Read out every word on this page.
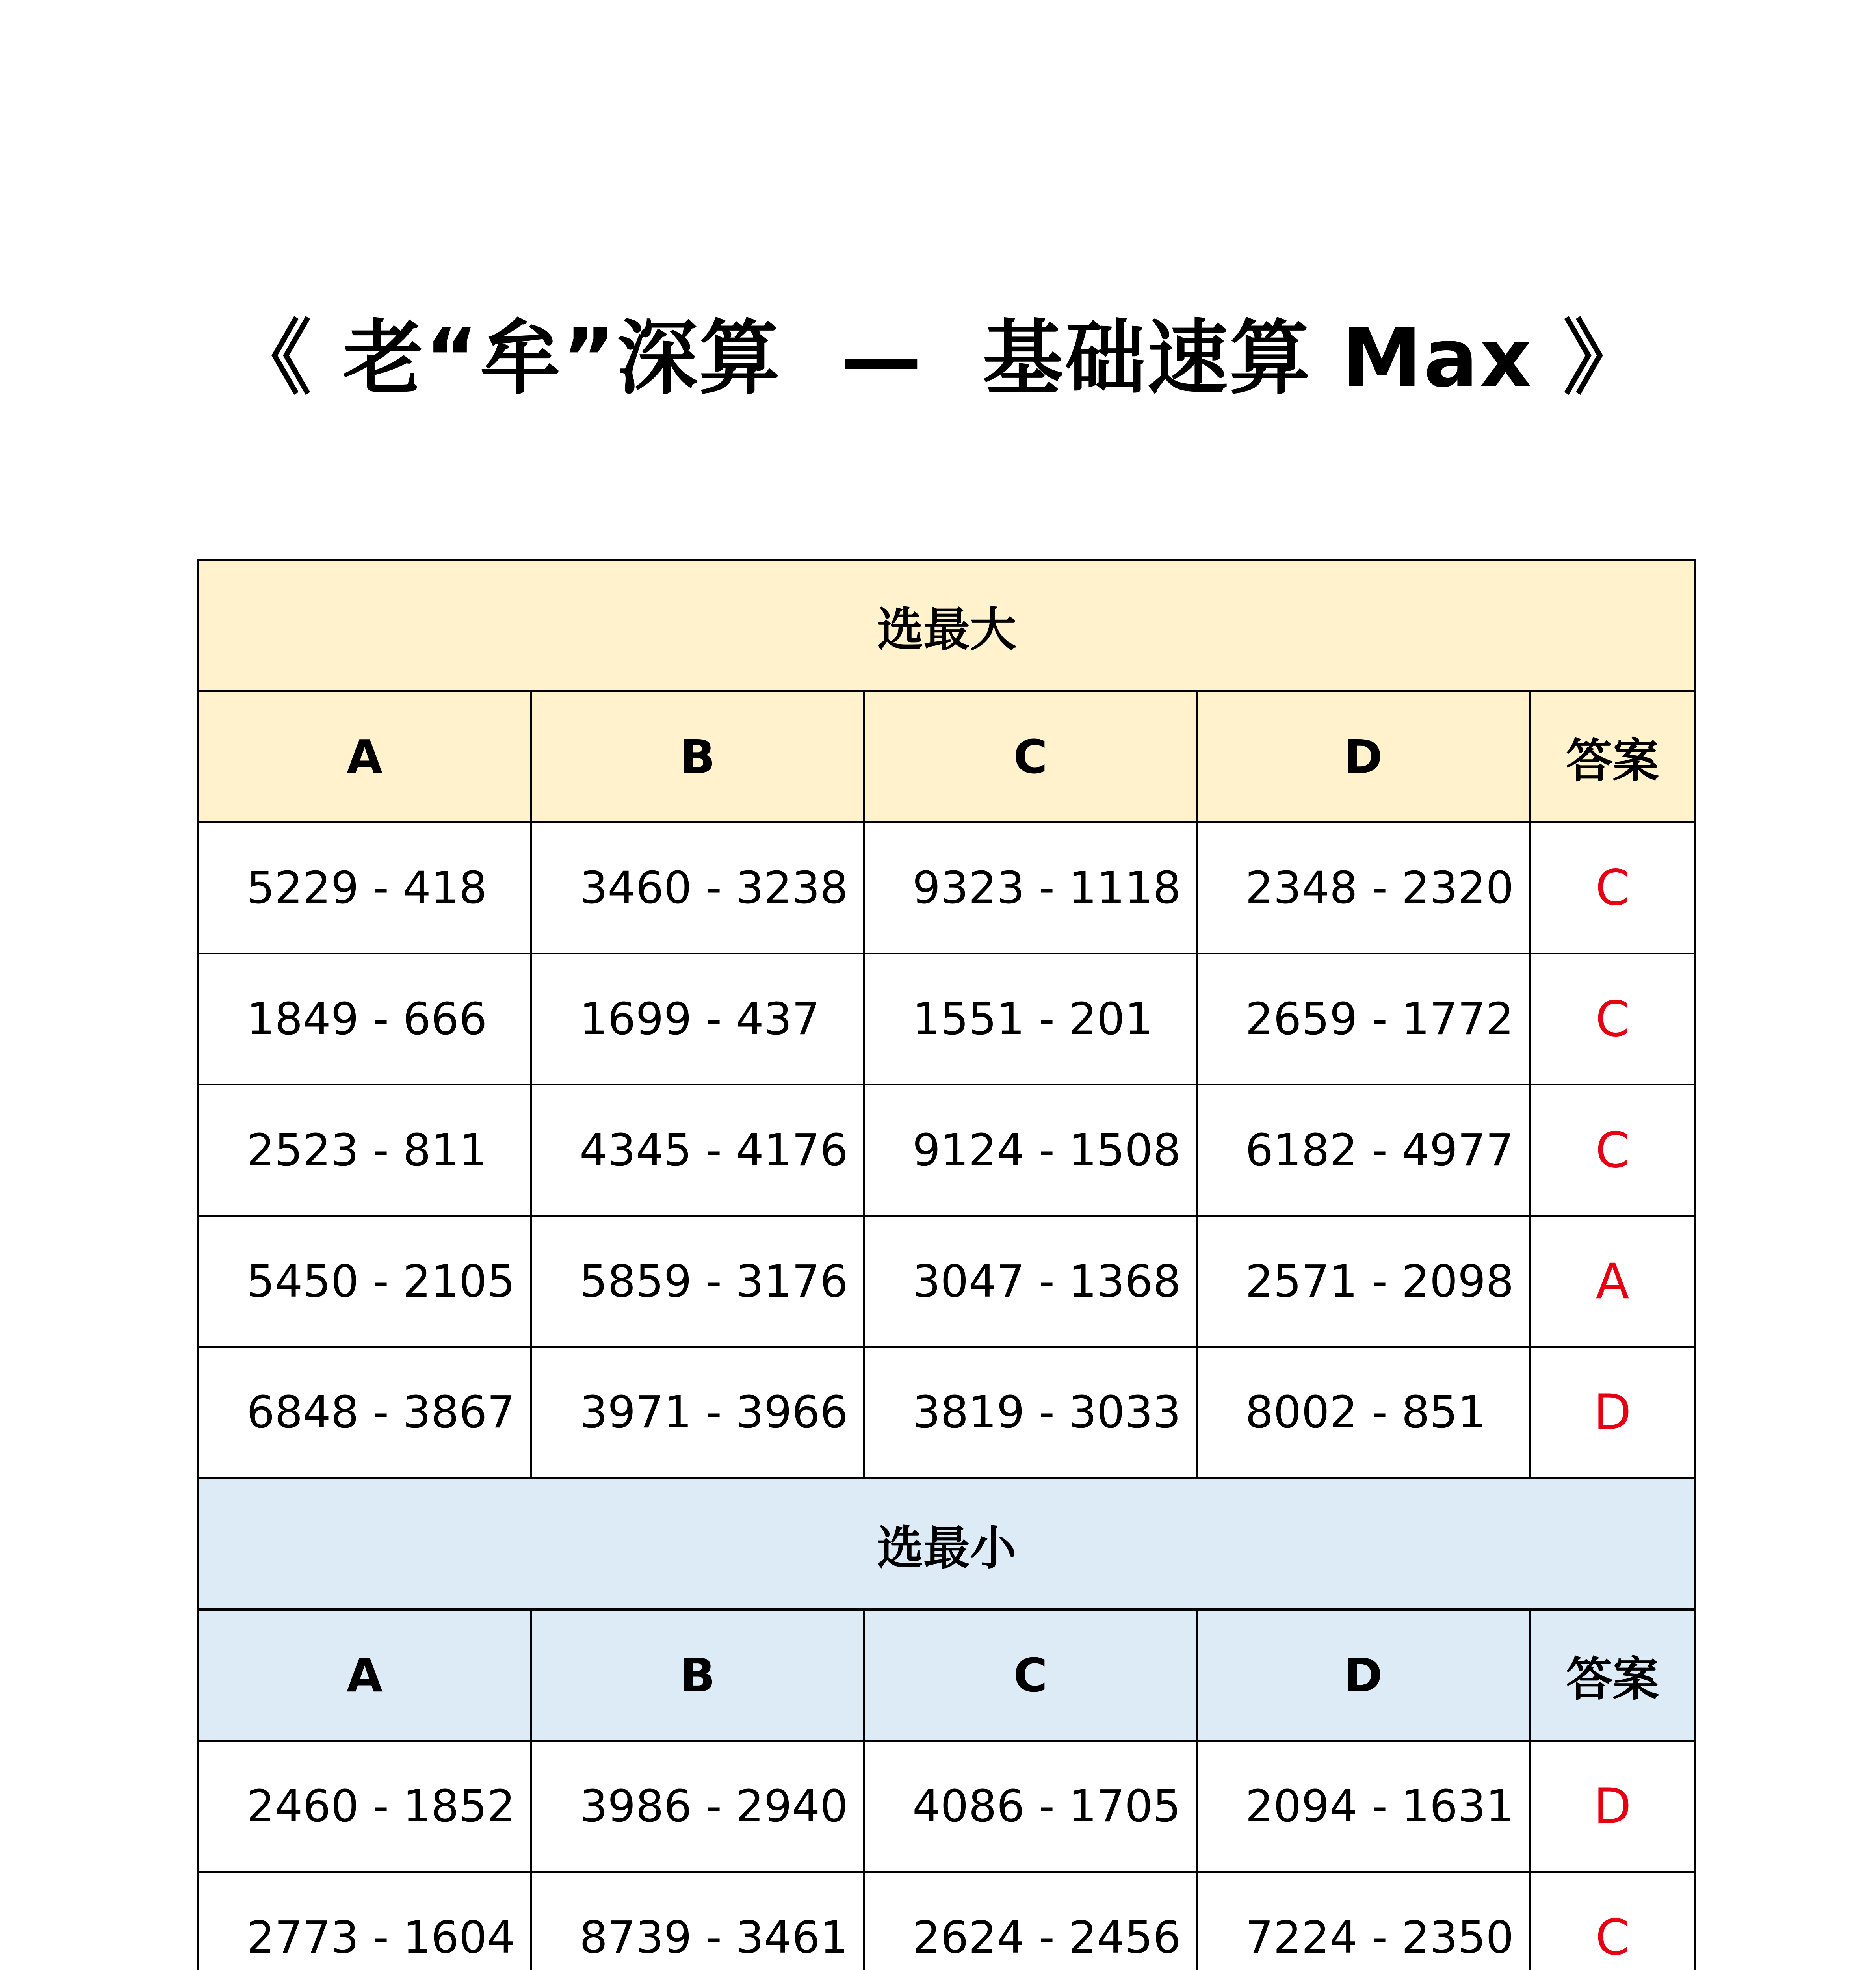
《 老“牟”深算  —  基础速算 Max 》
选最大				
A	B	C	D	答案
5229 - 418	3460 - 3238	9323 - 1118	2348 - 2320	C
1849 - 666	1699 - 437	1551 - 201	2659 - 1772	C
2523 - 811	4345 - 4176	9124 - 1508	6182 - 4977	C
5450 - 2105	5859 - 3176	3047 - 1368	2571 - 2098	A
6848 - 3867	3971 - 3966	3819 - 3033	8002 - 851	D
选最小				
A	B	C	D	答案
2460 - 1852	3986 - 2940	4086 - 1705	2094 - 1631	D
2773 - 1604	8739 - 3461	2624 - 2456	7224 - 2350	C
